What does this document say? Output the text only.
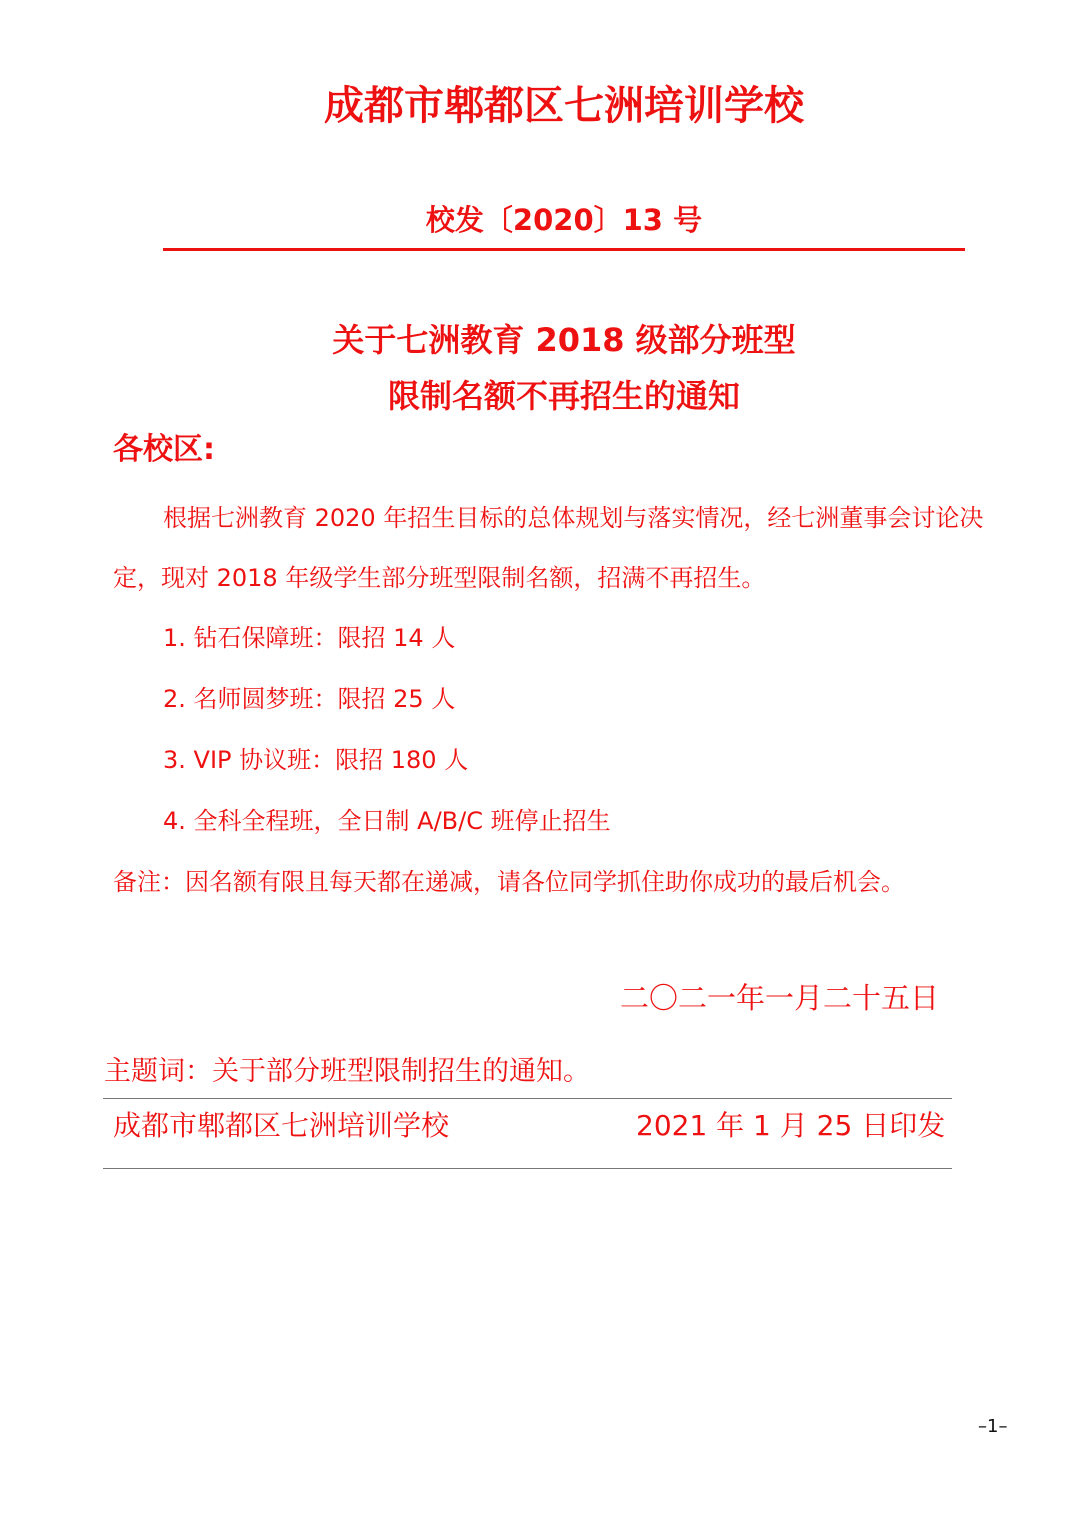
成都市郫都区七洲培训学校
校发〔2020〕13 号
关于七洲教育 2018 级部分班型
限制名额不再招生的通知
各校区:
根据七洲教育 2020 年招生目标的总体规划与落实情况，经七洲董事会讨论决
定，现对 2018 年级学生部分班型限制名额，招满不再招生。
1. 钻石保障班：限招 14 人
2. 名师圆梦班：限招 25 人
3. VIP 协议班：限招 180 人
4. 全科全程班，全日制 A/B/C 班停止招生
备注：因名额有限且每天都在递减，请各位同学抓住助你成功的最后机会。
二〇二一年一月二十五日
主题词：关于部分班型限制招生的通知。
成都市郫都区七洲培训学校	2021 年 1 月 25 日印发
–1–
